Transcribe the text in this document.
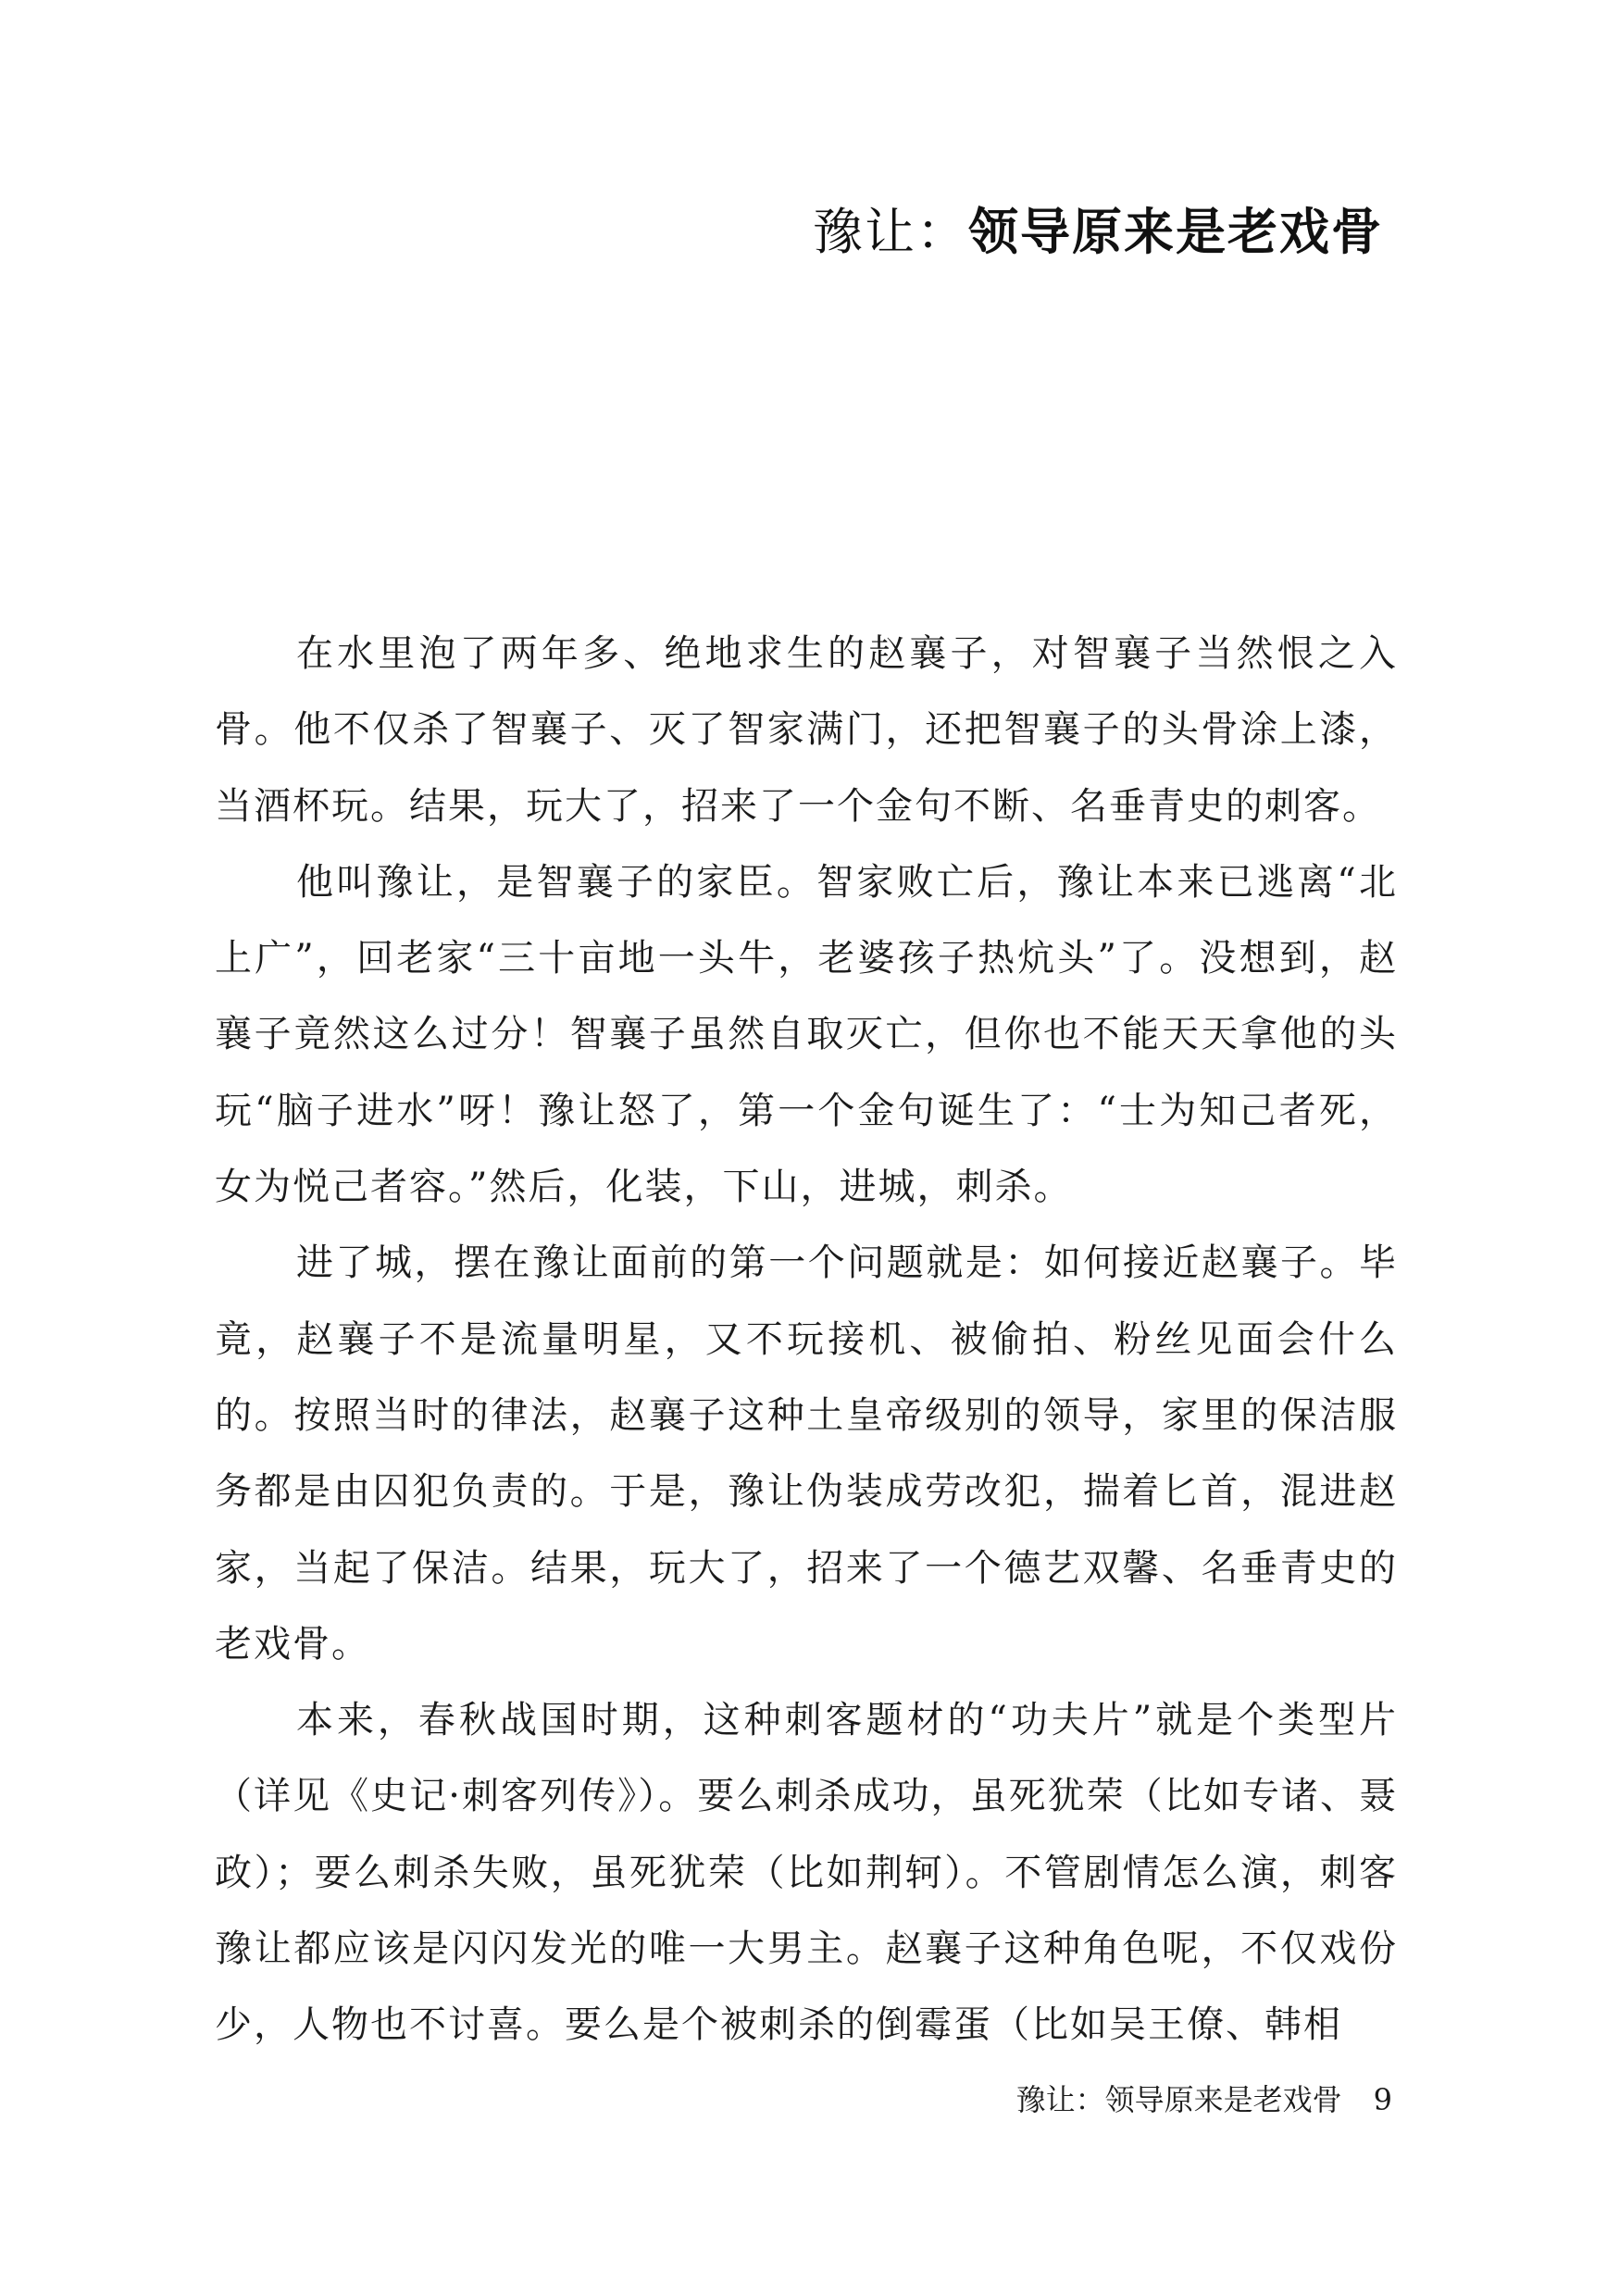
豫让：领导原来是老戏骨

在水里泡了两年多、绝地求生的赵襄子，对智襄子当然恨之入骨。他不仅杀了智襄子、灭了智家满门，还把智襄子的头骨涂上漆，当酒杯玩。结果，玩大了，招来了一个金句不断、名垂青史的刺客。

他叫豫让，是智襄子的家臣。智家败亡后，豫让本来已逃离“北上广”，回老家“三十亩地一头牛，老婆孩子热炕头”了。没想到，赵襄子竟然这么过分！智襄子虽然自取灭亡，但你也不能天天拿他的头玩“脑子进水”呀！豫让怒了，第一个金句诞生了：“士为知己者死，女为悦己者容。”然后，化装，下山，进城，刺杀。

进了城，摆在豫让面前的第一个问题就是：如何接近赵襄子。毕竟，赵襄子不是流量明星，又不玩接机、被偷拍、粉丝见面会什么的。按照当时的律法，赵襄子这种土皇帝级别的领导，家里的保洁服务都是由囚犯负责的。于是，豫让伪装成劳改犯，揣着匕首，混进赵家，当起了保洁。结果，玩大了，招来了一个德艺双馨、名垂青史的老戏骨。

本来，春秋战国时期，这种刺客题材的“功夫片”就是个类型片（详见《史记·刺客列传》）。要么刺杀成功，虽死犹荣（比如专诸、聂政）；要么刺杀失败，虽死犹荣（比如荆轲）。不管剧情怎么演，刺客豫让都应该是闪闪发光的唯一大男主。赵襄子这种角色呢，不仅戏份少，人物也不讨喜。要么是个被刺杀的倒霉蛋（比如吴王僚、韩相

豫让：领导原来是老戏骨 9
